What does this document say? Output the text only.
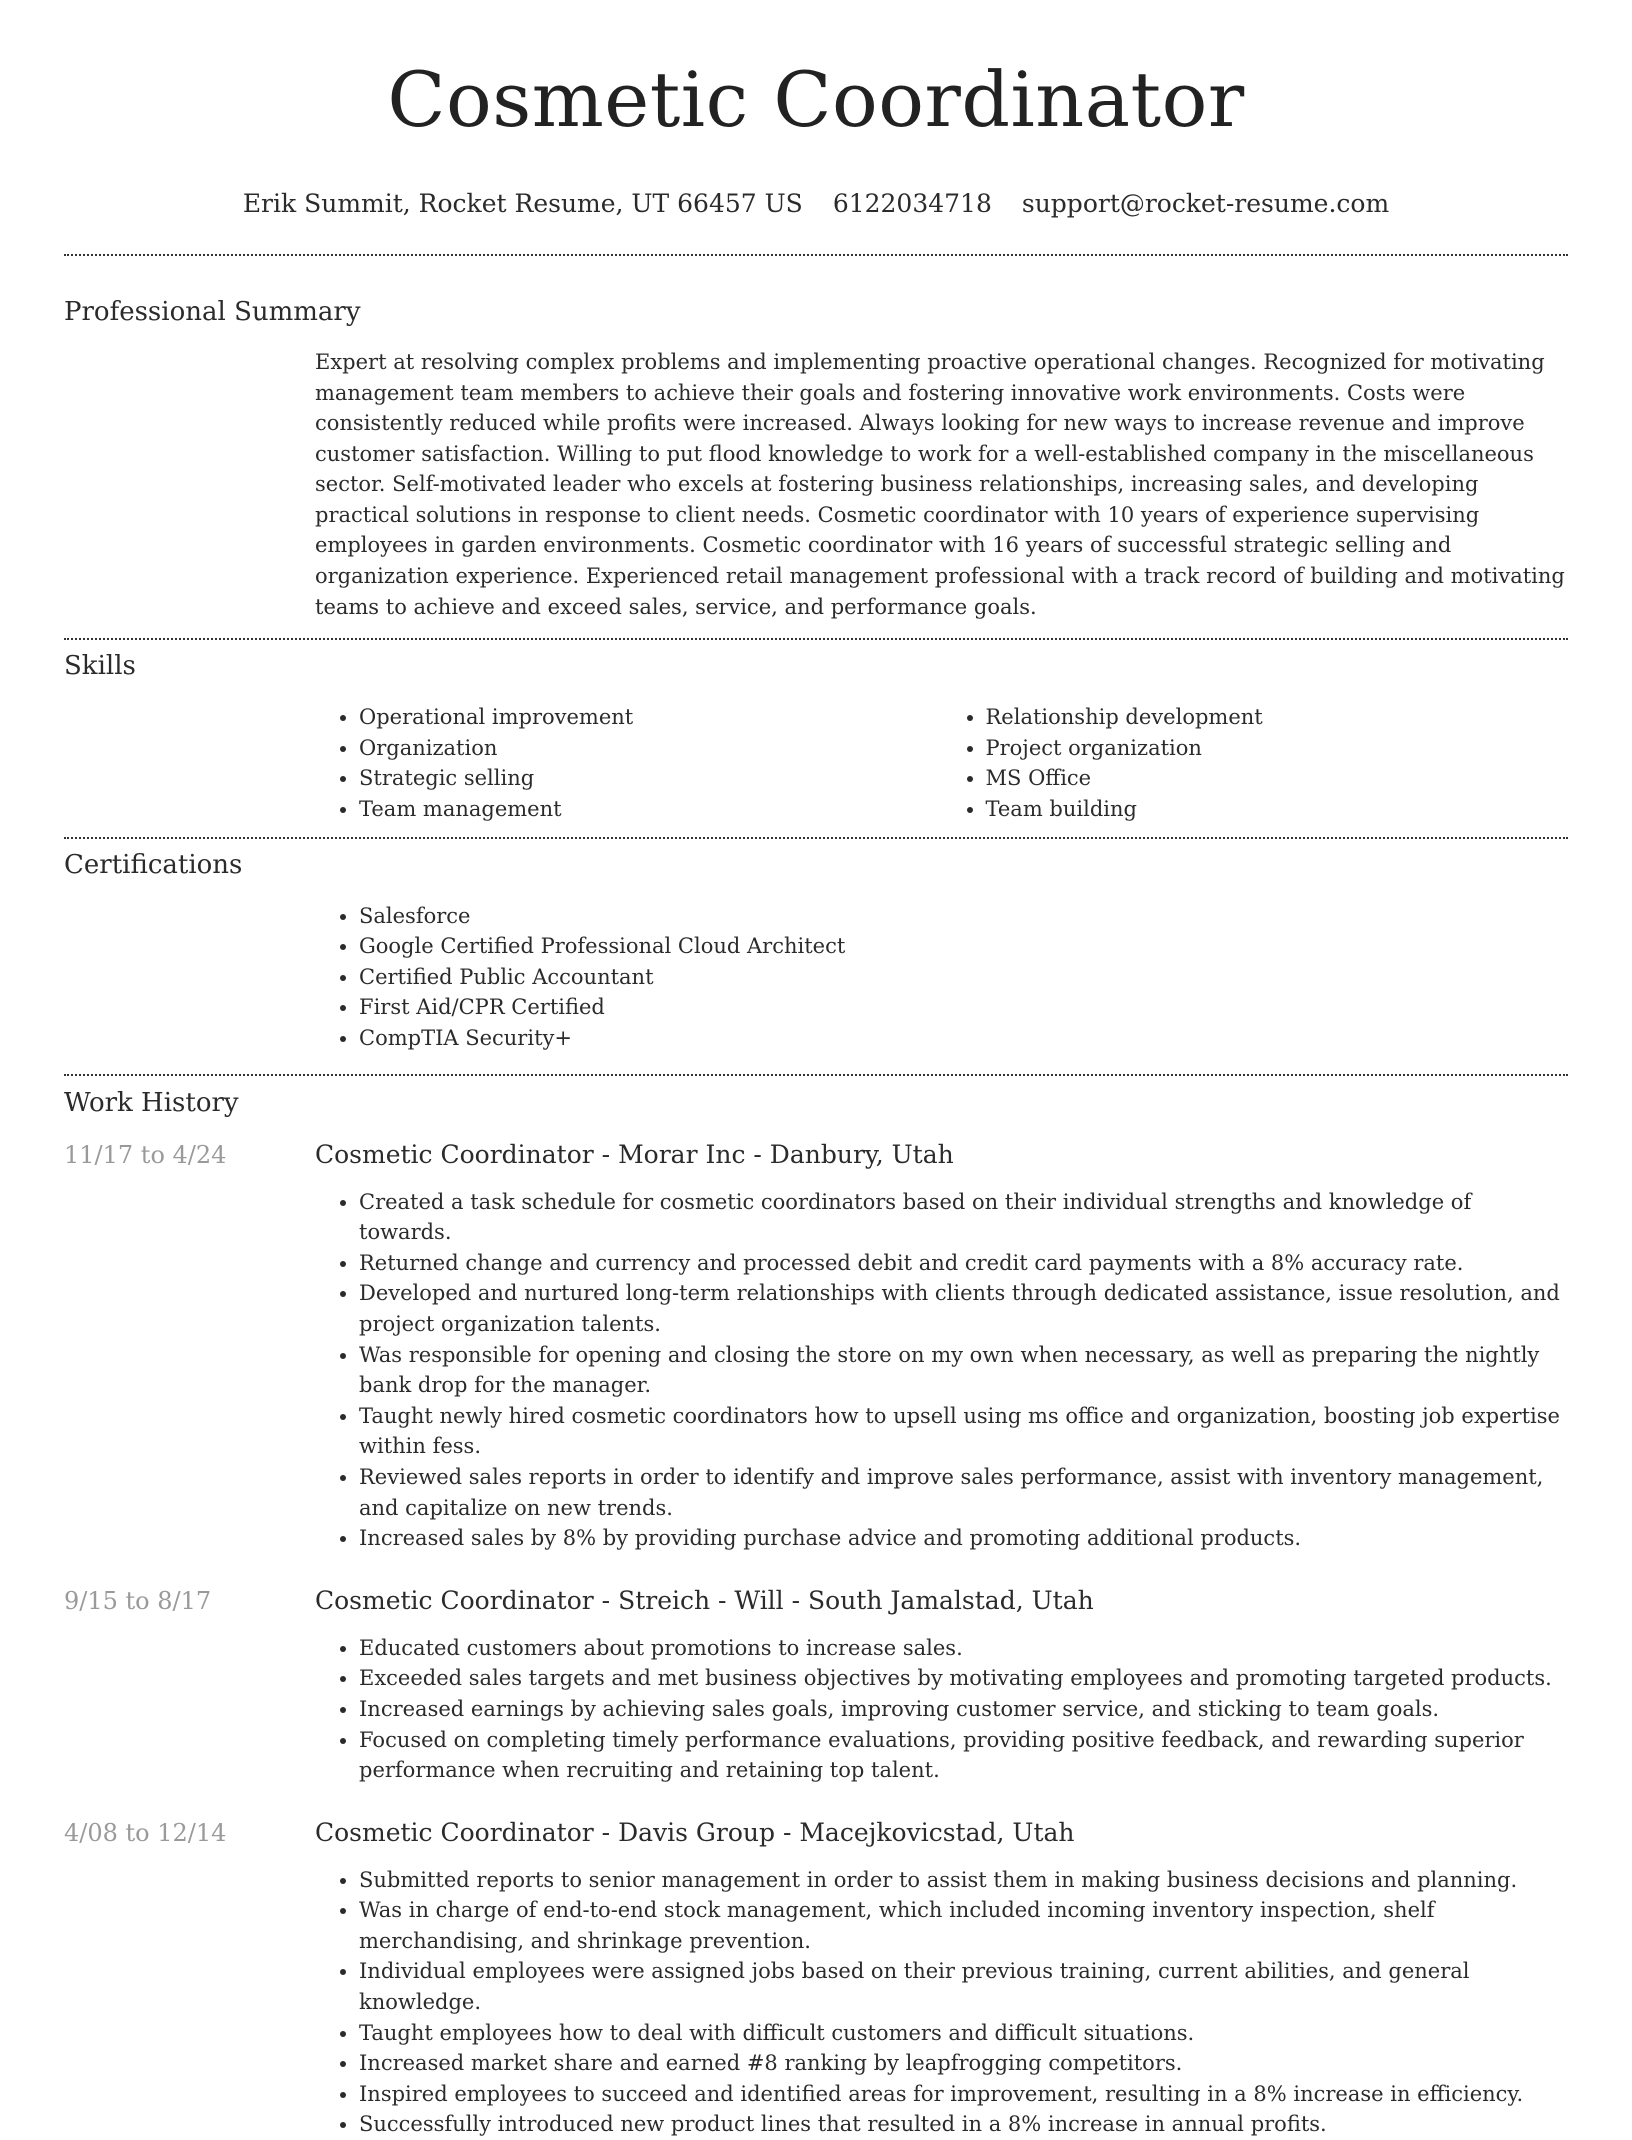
Cosmetic Coordinator
Erik Summit, Rocket Resume, UT 66457 US 6122034718 support@rocket-resume.com
Professional Summary
Expert at resolving complex problems and implementing proactive operational changes. Recognized for motivating management team members to achieve their goals and fostering innovative work environments. Costs were consistently reduced while profits were increased. Always looking for new ways to increase revenue and improve customer satisfaction. Willing to put flood knowledge to work for a well-established company in the miscellaneous sector. Self-motivated leader who excels at fostering business relationships, increasing sales, and developing practical solutions in response to client needs. Cosmetic coordinator with 10 years of experience supervising employees in garden environments. Cosmetic coordinator with 16 years of successful strategic selling and organization experience. Experienced retail management professional with a track record of building and motivating teams to achieve and exceed sales, service, and performance goals.
Skills
• Operational improvement
• Organization
• Strategic selling
• Team management
• Relationship development
• Project organization
• MS Office
• Team building
Certifications
• Salesforce
• Google Certified Professional Cloud Architect
• Certified Public Accountant
• First Aid/CPR Certified
• CompTIA Security+
Work History
11/17 to 4/24	Cosmetic Coordinator - Morar Inc - Danbury, Utah
• Created a task schedule for cosmetic coordinators based on their individual strengths and knowledge of towards.
• Returned change and currency and processed debit and credit card payments with a 8% accuracy rate.
• Developed and nurtured long-term relationships with clients through dedicated assistance, issue resolution, and project organization talents.
• Was responsible for opening and closing the store on my own when necessary, as well as preparing the nightly bank drop for the manager.
• Taught newly hired cosmetic coordinators how to upsell using ms office and organization, boosting job expertise within fess.
• Reviewed sales reports in order to identify and improve sales performance, assist with inventory management, and capitalize on new trends.
• Increased sales by 8% by providing purchase advice and promoting additional products.
9/15 to 8/17	Cosmetic Coordinator - Streich - Will - South Jamalstad, Utah
• Educated customers about promotions to increase sales.
• Exceeded sales targets and met business objectives by motivating employees and promoting targeted products.
• Increased earnings by achieving sales goals, improving customer service, and sticking to team goals.
• Focused on completing timely performance evaluations, providing positive feedback, and rewarding superior performance when recruiting and retaining top talent.
4/08 to 12/14	Cosmetic Coordinator - Davis Group - Macejkovicstad, Utah
• Submitted reports to senior management in order to assist them in making business decisions and planning.
• Was in charge of end-to-end stock management, which included incoming inventory inspection, shelf merchandising, and shrinkage prevention.
• Individual employees were assigned jobs based on their previous training, current abilities, and general knowledge.
• Taught employees how to deal with difficult customers and difficult situations.
• Increased market share and earned #8 ranking by leapfrogging competitors.
• Inspired employees to succeed and identified areas for improvement, resulting in a 8% increase in efficiency.
• Successfully introduced new product lines that resulted in a 8% increase in annual profits.
